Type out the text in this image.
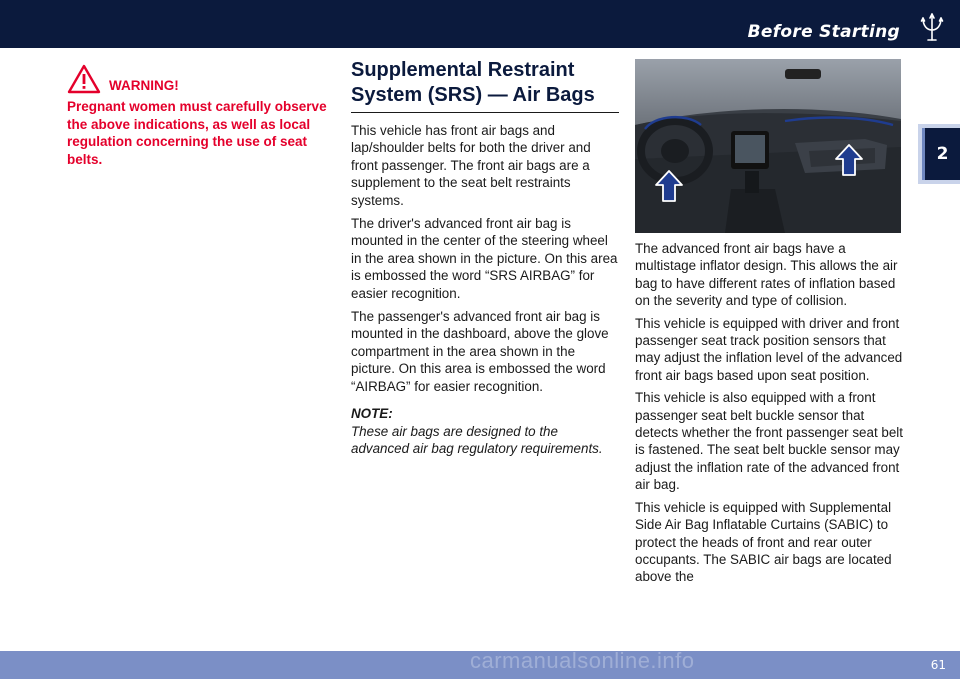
Before Starting
2
WARNING!
Pregnant women must carefully observe the above indications, as well as local regulation concerning the use of seat belts.
Supplemental Restraint System (SRS) — Air Bags

This vehicle has front air bags and lap/shoulder belts for both the driver and front passenger. The front air bags are a supplement to the seat belt restraints systems.

The driver's advanced front air bag is mounted in the center of the steering wheel in the area shown in the picture. On this area is embossed the word “SRS AIRBAG” for easier recognition.

The passenger's advanced front air bag is mounted in the dashboard, above the glove compartment in the area shown in the picture. On this area is embossed the word “AIRBAG” for easier recognition.

NOTE:
These air bags are designed to the advanced air bag regulatory requirements.

The advanced front air bags have a multistage inflator design. This allows the air bag to have different rates of inflation based on the severity and type of collision.

This vehicle is equipped with driver and front passenger seat track position sensors that may adjust the inflation level of the advanced front air bags based upon seat position.

This vehicle is also equipped with a front passenger seat belt buckle sensor that detects whether the front passenger seat belt is fastened. The seat belt buckle sensor may adjust the inflation rate of the advanced front air bag.

This vehicle is equipped with Supplemental Side Air Bag Inflatable Curtains (SABIC) to protect the heads of front and rear outer occupants. The SABIC air bags are located above the

61
carmanualsonline.info
